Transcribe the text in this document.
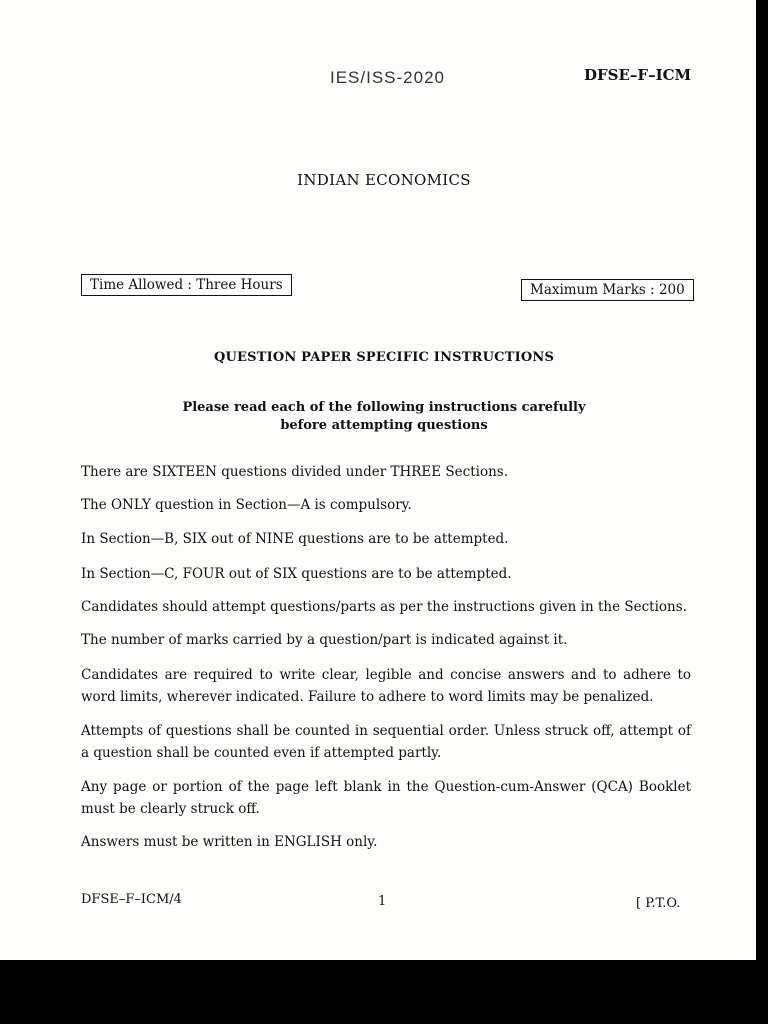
IES/ISS-2020	DFSE–F–ICM
INDIAN ECONOMICS
Time Allowed : Three Hours	Maximum Marks : 200
QUESTION PAPER SPECIFIC INSTRUCTIONS
Please read each of the following instructions carefully
before attempting questions
There are SIXTEEN questions divided under THREE Sections.
The ONLY question in Section—A is compulsory.
In Section—B, SIX out of NINE questions are to be attempted.
In Section—C, FOUR out of SIX questions are to be attempted.
Candidates should attempt questions/parts as per the instructions given in the Sections.
The number of marks carried by a question/part is indicated against it.
Candidates are required to write clear, legible and concise answers and to adhere to word limits, wherever indicated. Failure to adhere to word limits may be penalized.
Attempts of questions shall be counted in sequential order. Unless struck off, attempt of a question shall be counted even if attempted partly.
Any page or portion of the page left blank in the Question-cum-Answer (QCA) Booklet must be clearly struck off.
Answers must be written in ENGLISH only.
DFSE–F–ICM/4	1	[ P.T.O.
